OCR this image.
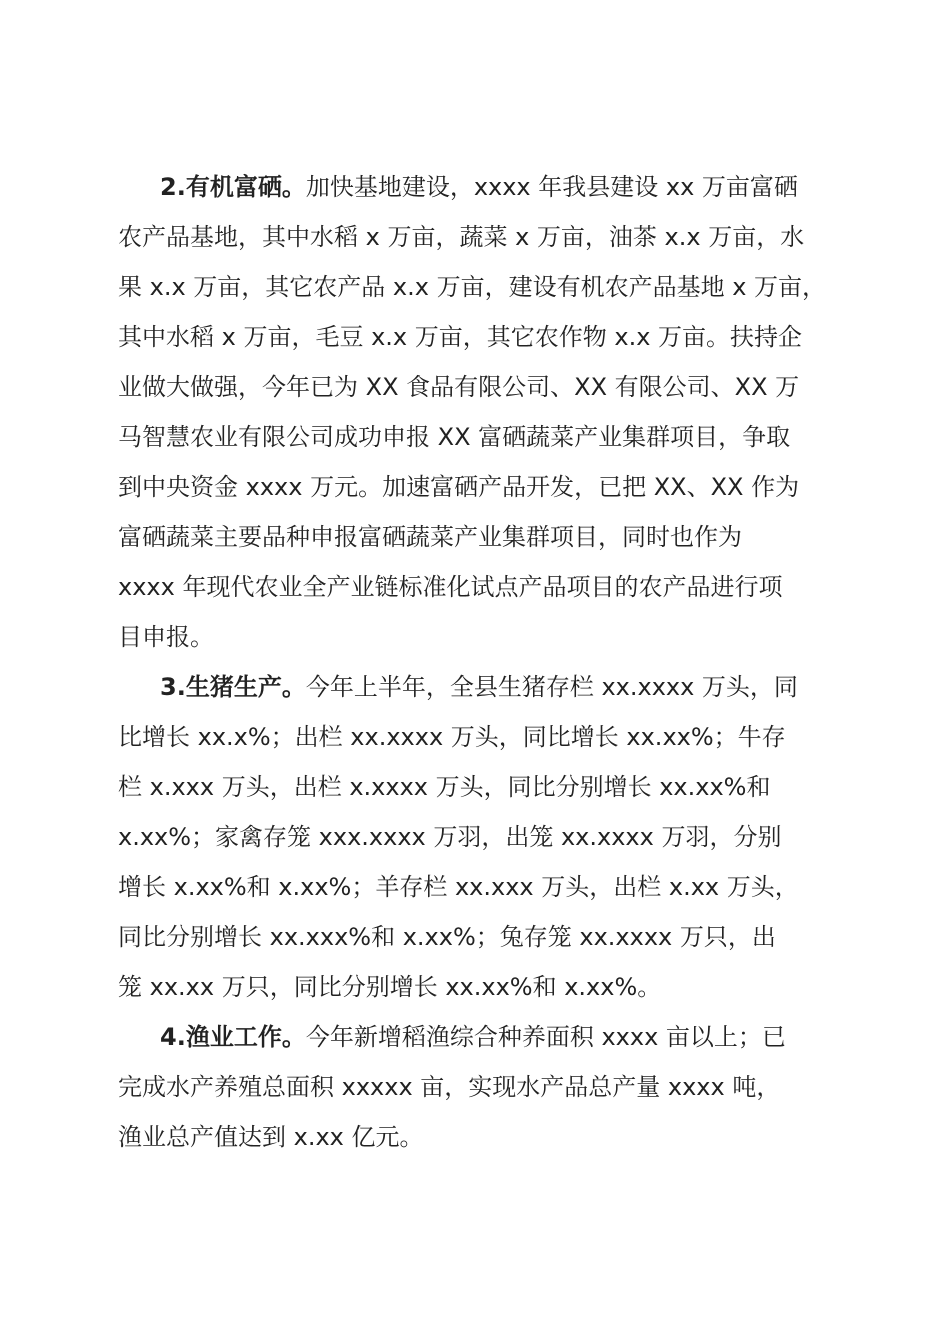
2.有机富硒。加快基地建设，xxxx 年我县建设 xx 万亩富硒
农产品基地，其中水稻 x 万亩，蔬菜 x 万亩，油茶 x.x 万亩，水
果 x.x 万亩，其它农产品 x.x 万亩，建设有机农产品基地 x 万亩，
其中水稻 x 万亩，毛豆 x.x 万亩，其它农作物 x.x 万亩。扶持企
业做大做强，今年已为 XX 食品有限公司、XX 有限公司、XX 万
马智慧农业有限公司成功申报 XX 富硒蔬菜产业集群项目，争取
到中央资金 xxxx 万元。加速富硒产品开发，已把 XX、XX 作为
富硒蔬菜主要品种申报富硒蔬菜产业集群项目，同时也作为
xxxx 年现代农业全产业链标准化试点产品项目的农产品进行项
目申报。
3.生猪生产。今年上半年，全县生猪存栏 xx.xxxx 万头，同
比增长 xx.x%；出栏 xx.xxxx 万头，同比增长 xx.xx%；牛存
栏 x.xxx 万头，出栏 x.xxxx 万头，同比分别增长 xx.xx%和
x.xx%；家禽存笼 xxx.xxxx 万羽，出笼 xx.xxxx 万羽，分别
增长 x.xx%和 x.xx%；羊存栏 xx.xxx 万头，出栏 x.xx 万头，
同比分别增长 xx.xxx%和 x.xx%；兔存笼 xx.xxxx 万只，出
笼 xx.xx 万只，同比分别增长 xx.xx%和 x.xx%。
4.渔业工作。今年新增稻渔综合种养面积 xxxx 亩以上；已
完成水产养殖总面积 xxxxx 亩，实现水产品总产量 xxxx 吨，
渔业总产值达到 x.xx 亿元。
